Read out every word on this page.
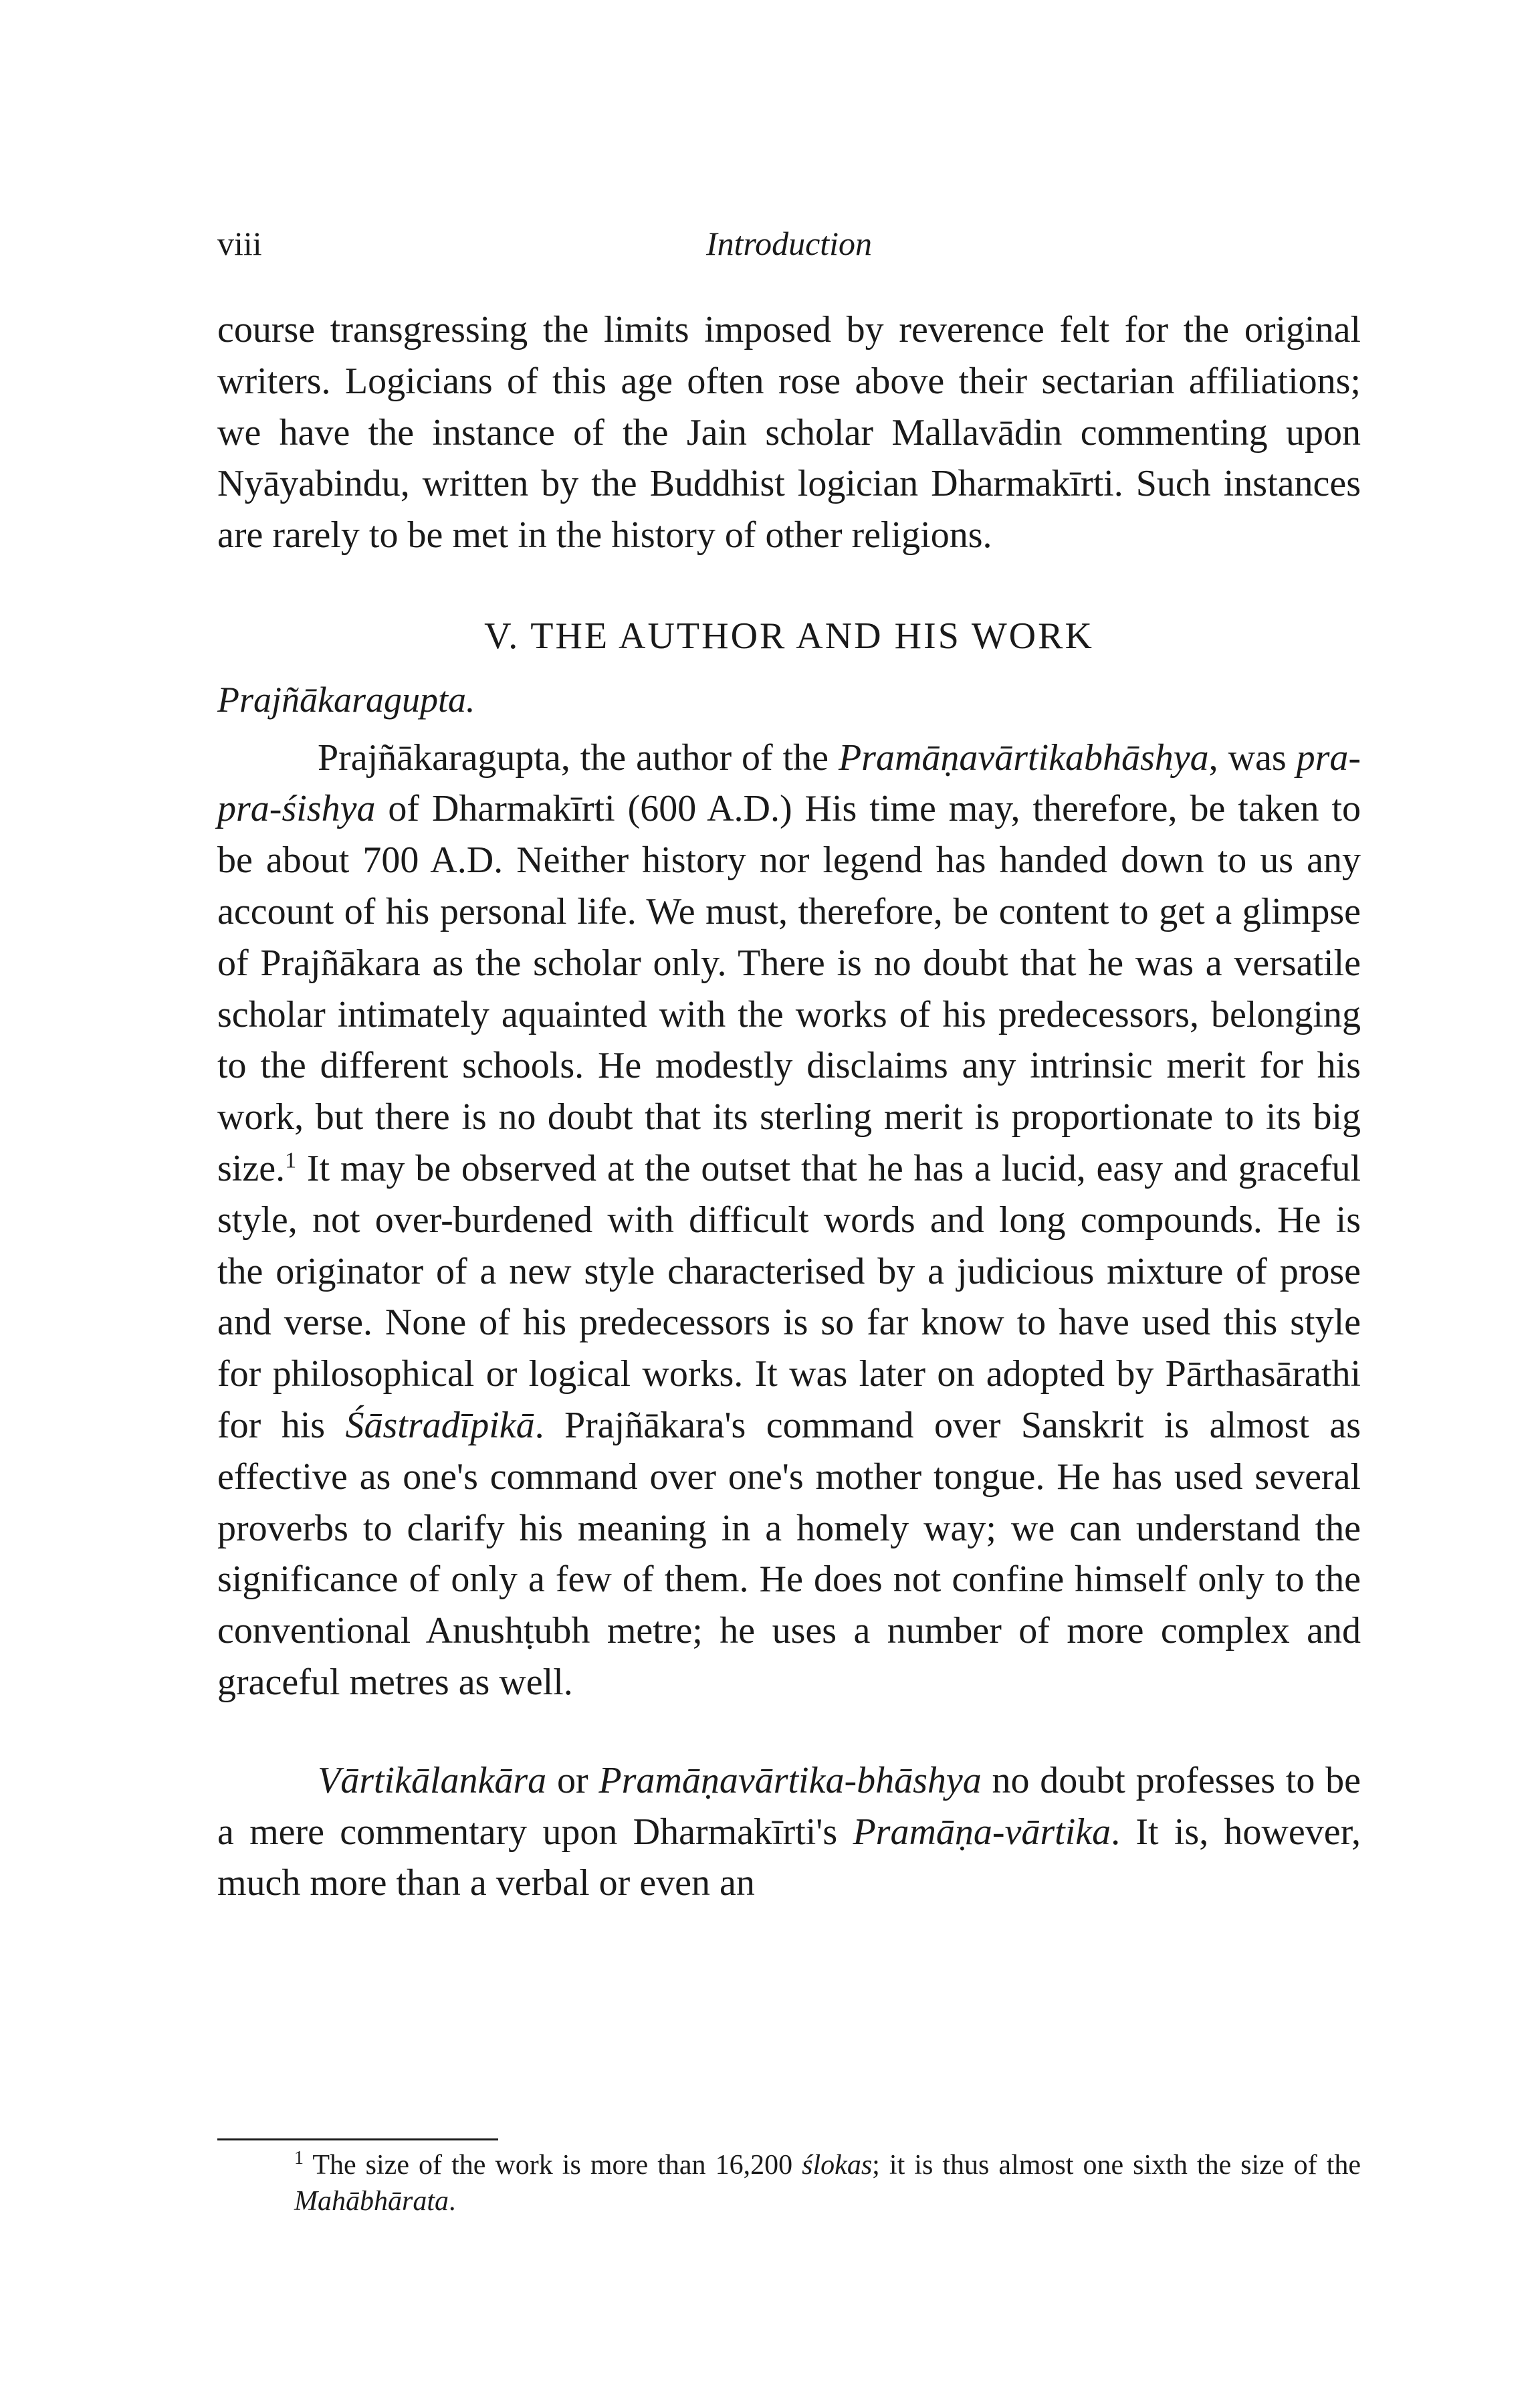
viii	Introduction

course transgressing the limits imposed by reverence felt for the original writers. Logicians of this age often rose above their sectarian affiliations; we have the instance of the Jain scholar Mallavādin commenting upon Nyāyabindu, written by the Buddhist logician Dharmakīrti. Such instances are rarely to be met in the history of other religions.

V. THE AUTHOR AND HIS WORK
Prajñākaragupta.

Prajñākaragupta, the author of the Pramāṇavārtikabhāshya, was pra-pra-śishya of Dharmakīrti (600 A.D.) His time may, therefore, be taken to be about 700 A.D. Neither history nor legend has handed down to us any account of his personal life. We must, therefore, be content to get a glimpse of Prajñākara as the scholar only. There is no doubt that he was a versatile scholar intimately aquainted with the works of his predecessors, belonging to the different schools. He modestly disclaims any intrinsic merit for his work, but there is no doubt that its sterling merit is proportionate to its big size.$^1$ It may be observed at the outset that he has a lucid, easy and graceful style, not over-burdened with difficult words and long compounds. He is the originator of a new style characterised by a judicious mixture of prose and verse. None of his predecessors is so far know to have used this style for philosophical or logical works. It was later on adopted by Pārthasārathi for his Śāstradīpikā. Prajñākara's command over Sanskrit is almost as effective as one's command over one's mother tongue. He has used several proverbs to clarify his meaning in a homely way; we can understand the significance of only a few of them. He does not confine himself only to the conventional Anushṭubh metre; he uses a number of more complex and graceful metres as well.

Vārtikālankāra or Pramāṇavārtika-bhāshya no doubt professes to be a mere commentary upon Dharmakīrti's Pramāṇa-vārtika. It is, however, much more than a verbal or even an

$^1$ The size of the work is more than 16,200 ślokas; it is thus almost one sixth the size of the Mahābhārata.
